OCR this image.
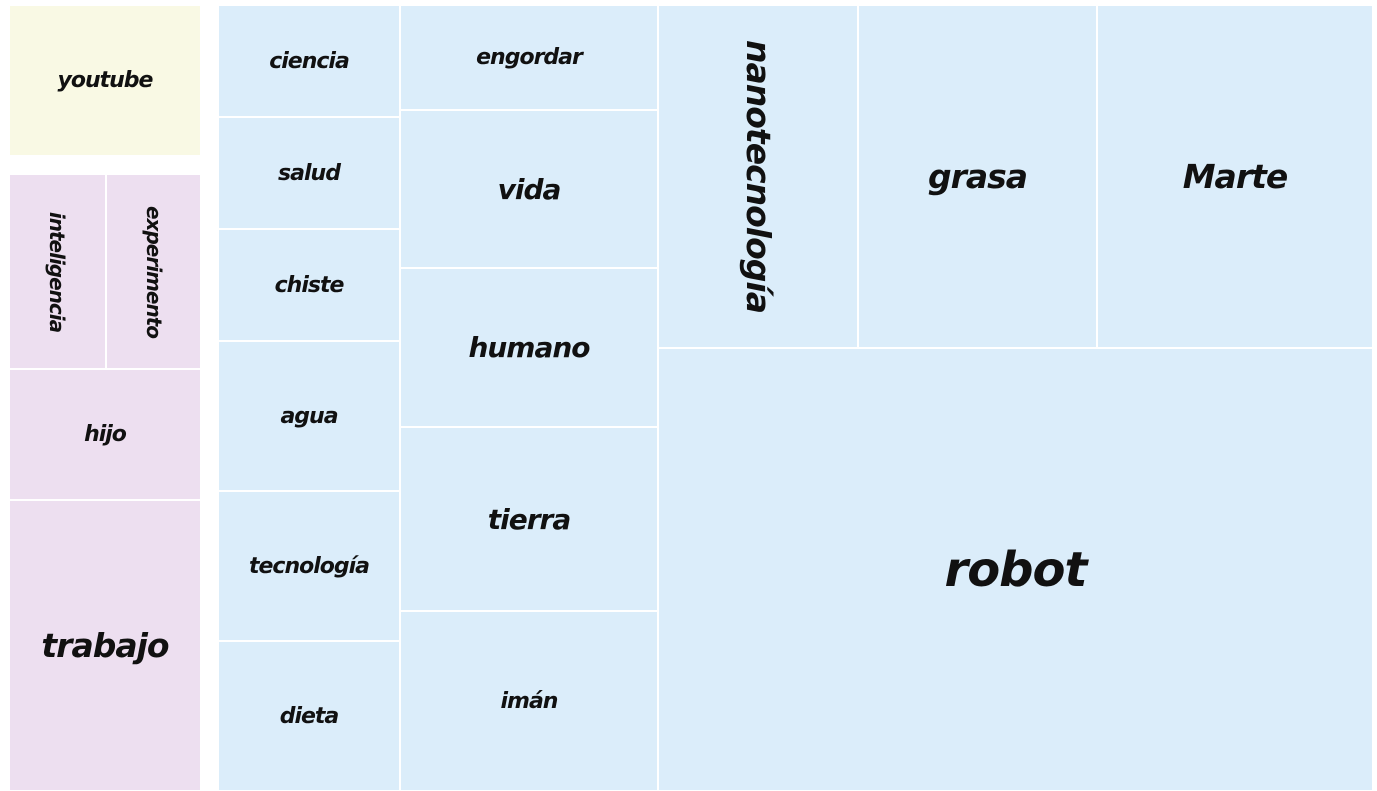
youtube
inteligencia	experimento
hijo
trabajo
ciencia
salud
chiste
agua
tecnología
dieta
engordar
vida
humano
tierra
imán
nanotecnología	grasa	Marte
robot
